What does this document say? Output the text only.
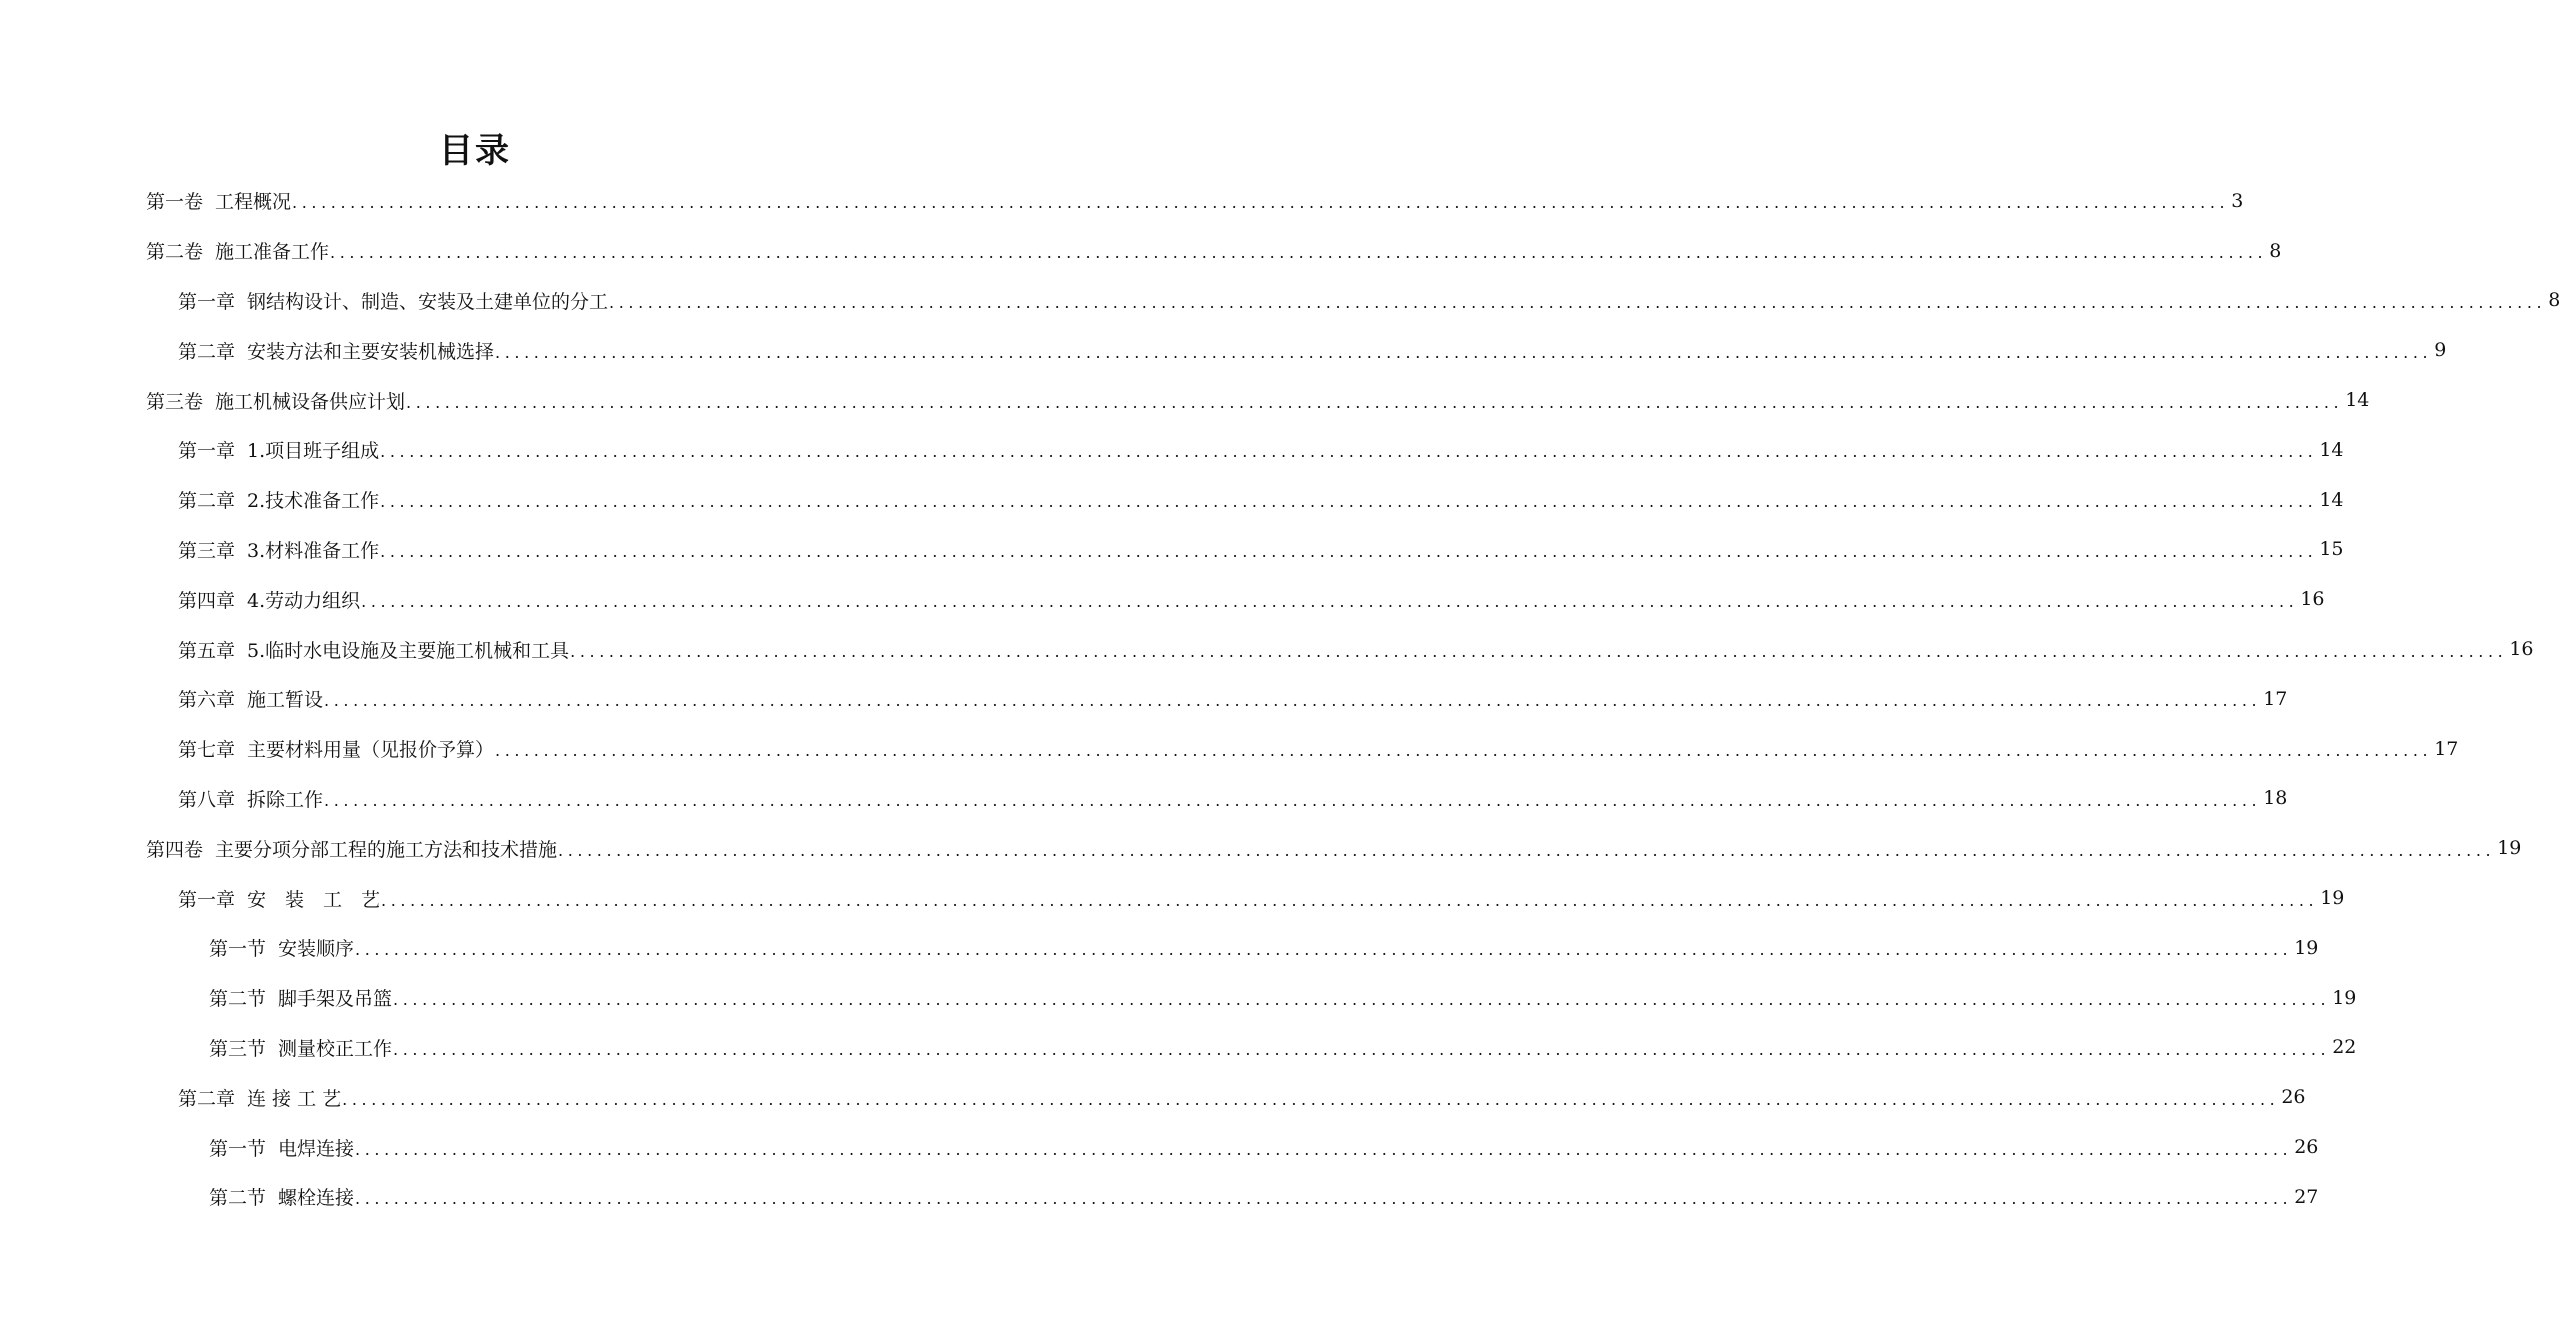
目录
第一卷 工程概况 ........................................................................................................................................................................................................ 3
第二卷 施工准备工作 ........................................................................................................................................................................................................ 8
第一章 钢结构设计、制造、安装及土建单位的分工 ........................................................................................................................................................................................................ 8
第二章 安装方法和主要安装机械选择 ........................................................................................................................................................................................................ 9
第三卷 施工机械设备供应计划 ........................................................................................................................................................................................................ 14
第一章 1.项目班子组成 ........................................................................................................................................................................................................ 14
第二章 2.技术准备工作 ........................................................................................................................................................................................................ 14
第三章 3.材料准备工作 ........................................................................................................................................................................................................ 15
第四章 4.劳动力组织 ........................................................................................................................................................................................................ 16
第五章 5.临时水电设施及主要施工机械和工具 ........................................................................................................................................................................................................ 16
第六章 施工暂设 ........................................................................................................................................................................................................ 17
第七章 主要材料用量（见报价予算） ........................................................................................................................................................................................................ 17
第八章 拆除工作 ........................................................................................................................................................................................................ 18
第四卷 主要分项分部工程的施工方法和技术措施 ........................................................................................................................................................................................................ 19
第一章 安　装　工　艺 ........................................................................................................................................................................................................ 19
第一节 安装顺序 ........................................................................................................................................................................................................ 19
第二节 脚手架及吊篮 ........................................................................................................................................................................................................ 19
第三节 测量校正工作 ........................................................................................................................................................................................................ 22
第二章 连 接 工 艺 ........................................................................................................................................................................................................ 26
第一节 电焊连接 ........................................................................................................................................................................................................ 26
第二节 螺栓连接 ........................................................................................................................................................................................................ 27
